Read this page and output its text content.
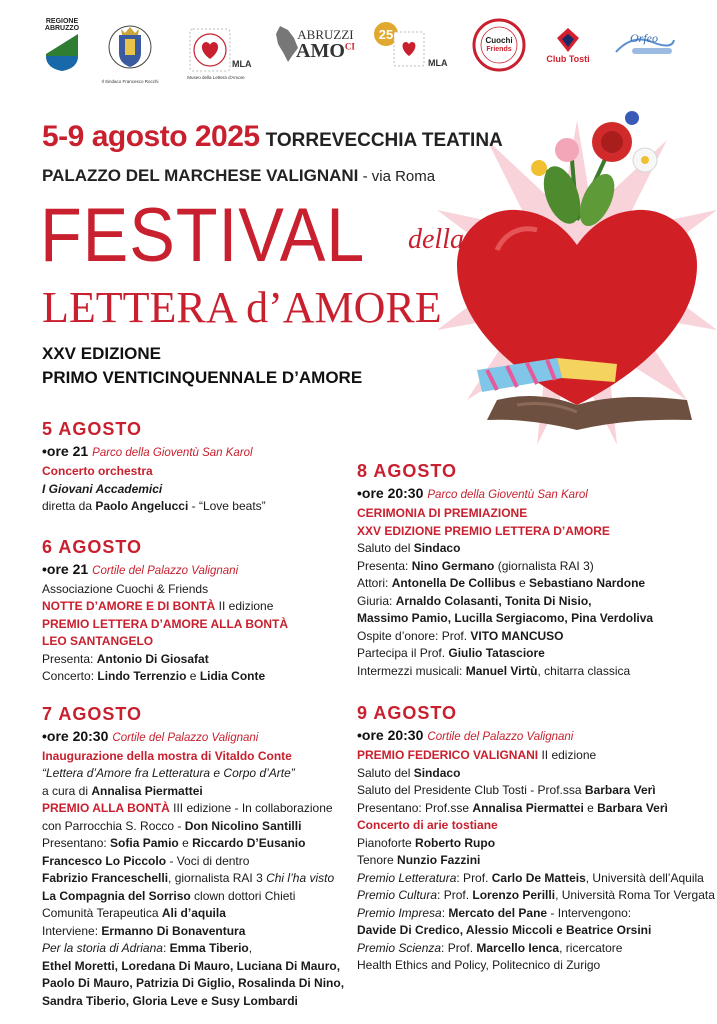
REGIONE
ABRUZZO
Il Sindaco Francesco Rocchi
MLA
Museo della Lettera d'Amore
ABRUZZI
$AMO^{CI}$
25
MLA
Cuochi
Friends
Club Tosti
Orfeo
5-9 agosto 2025 TORREVECCHIA TEATINA
PALAZZO DEL MARCHESE VALIGNANI - via Roma
FESTIVAL della
LETTERA d’AMORE
XXV EDIZIONE
PRIMO VENTICINQUENNALE D’AMORE
5 AGOSTO
•ore 21 Parco della Gioventù San Karol
Concerto orchestra
I Giovani Accademici
diretta da Paolo Angelucci - “Love beats”
6 AGOSTO
•ore 21 Cortile del Palazzo Valignani
Associazione Cuochi & Friends
NOTTE D’AMORE E DI BONTÀ II edizione
PREMIO LETTERA D’AMORE ALLA BONTÀ
LEO SANTANGELO
Presenta: Antonio Di Giosafat
Concerto: Lindo Terrenzio e Lidia Conte
7 AGOSTO
•ore 20:30 Cortile del Palazzo Valignani
Inaugurazione della mostra di Vitaldo Conte
“Lettera d’Amore fra Letteratura e Corpo d’Arte”
a cura di Annalisa Piermattei
PREMIO ALLA BONTÀ III edizione - In collaborazione
con Parrocchia S. Rocco - Don Nicolino Santilli
Presentano: Sofia Pamio e Riccardo D’Eusanio
Francesco Lo Piccolo - Voci di dentro
Fabrizio Franceschelli, giornalista RAI 3 Chi l’ha visto
La Compagnia del Sorriso clown dottori Chieti
Comunità Terapeutica Ali d’aquila
Interviene: Ermanno Di Bonaventura
Per la storia di Adriana: Emma Tiberio,
Ethel Moretti, Loredana Di Mauro, Luciana Di Mauro,
Paolo Di Mauro, Patrizia Di Giglio, Rosalinda Di Nino,
Sandra Tiberio, Gloria Leve e Susy Lombardi
8 AGOSTO
•ore 20:30 Parco della Gioventù San Karol
CERIMONIA DI PREMIAZIONE
XXV EDIZIONE PREMIO LETTERA D’AMORE
Saluto del Sindaco
Presenta: Nino Germano (giornalista RAI 3)
Attori: Antonella De Collibus e Sebastiano Nardone
Giuria: Arnaldo Colasanti, Tonita Di Nisio,
Massimo Pamio, Lucilla Sergiacomo, Pina Verdoliva
Ospite d’onore: Prof. VITO MANCUSO
Partecipa il Prof. Giulio Tatasciore
Intermezzi musicali: Manuel Virtù, chitarra classica
9 AGOSTO
•ore 20:30 Cortile del Palazzo Valignani
PREMIO FEDERICO VALIGNANI II edizione
Saluto del Sindaco
Saluto del Presidente Club Tosti - Prof.ssa Barbara Verì
Presentano: Prof.sse Annalisa Piermattei e Barbara Verì
Concerto di arie tostiane
Pianoforte Roberto Rupo
Tenore Nunzio Fazzini
Premio Letteratura: Prof. Carlo De Matteis, Università dell’Aquila
Premio Cultura: Prof. Lorenzo Perilli, Università Roma Tor Vergata
Premio Impresa: Mercato del Pane - Intervengono:
Davide Di Credico, Alessio Miccoli e Beatrice Orsini
Premio Scienza: Prof. Marcello Ienca, ricercatore
Health Ethics and Policy, Politecnico di Zurigo
